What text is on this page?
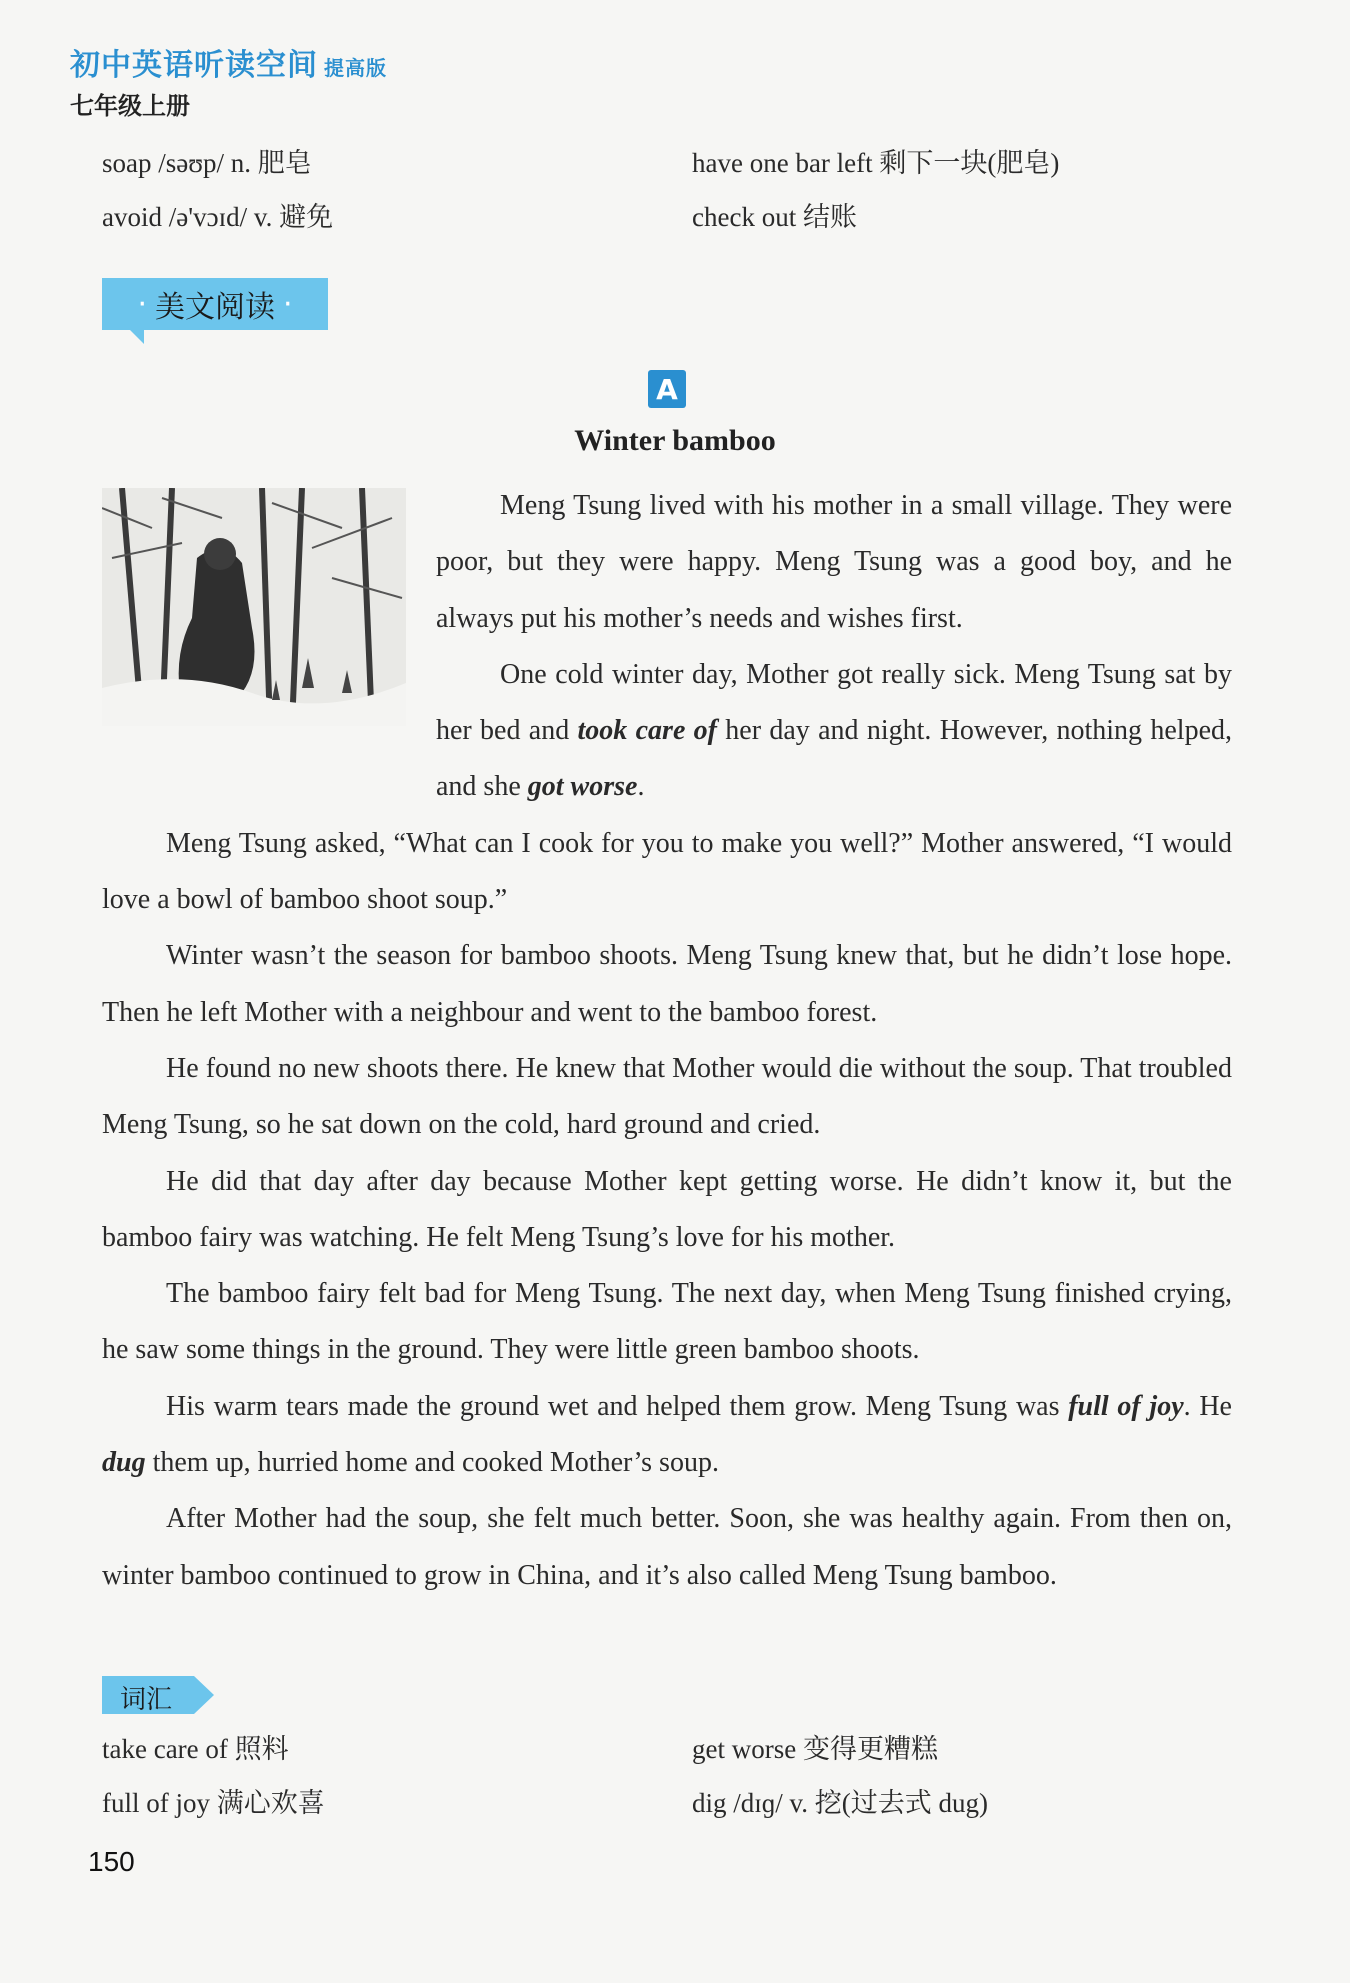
初中英语听读空间 提高版
七年级上册
soap /səʊp/ n. 肥皂	have one bar left 剩下一块(肥皂)
avoid /ə'vɔɪd/ v. 避免	check out 结账
· 美文阅读
·
A
Winter bamboo

Meng Tsung lived with his mother in a small village. They were poor, but they were happy. Meng Tsung was a good boy, and he always put his mother’s needs and wishes first.

One cold winter day, Mother got really sick. Meng Tsung sat by her bed and took care of her day and night. However, nothing helped, and she got worse.

Meng Tsung asked, “What can I cook for you to make you well?” Mother answered, “I would love a bowl of bamboo shoot soup.”

Winter wasn’t the season for bamboo shoots. Meng Tsung knew that, but he didn’t lose hope. Then he left Mother with a neighbour and went to the bamboo forest.

He found no new shoots there. He knew that Mother would die without the soup. That troubled Meng Tsung, so he sat down on the cold, hard ground and cried.

He did that day after day because Mother kept getting worse. He didn’t know it, but the bamboo fairy was watching. He felt Meng Tsung’s love for his mother.

The bamboo fairy felt bad for Meng Tsung. The next day, when Meng Tsung finished crying, he saw some things in the ground. They were little green bamboo shoots.

His warm tears made the ground wet and helped them grow. Meng Tsung was full of joy. He dug them up, hurried home and cooked Mother’s soup.

After Mother had the soup, she felt much better. Soon, she was healthy again. From then on, winter bamboo continued to grow in China, and it’s also called Meng Tsung bamboo.

词汇
take care of 照料	get worse 变得更糟糕
full of joy 满心欢喜	dig /dɪɡ/ v. 挖(过去式 dug)
150
